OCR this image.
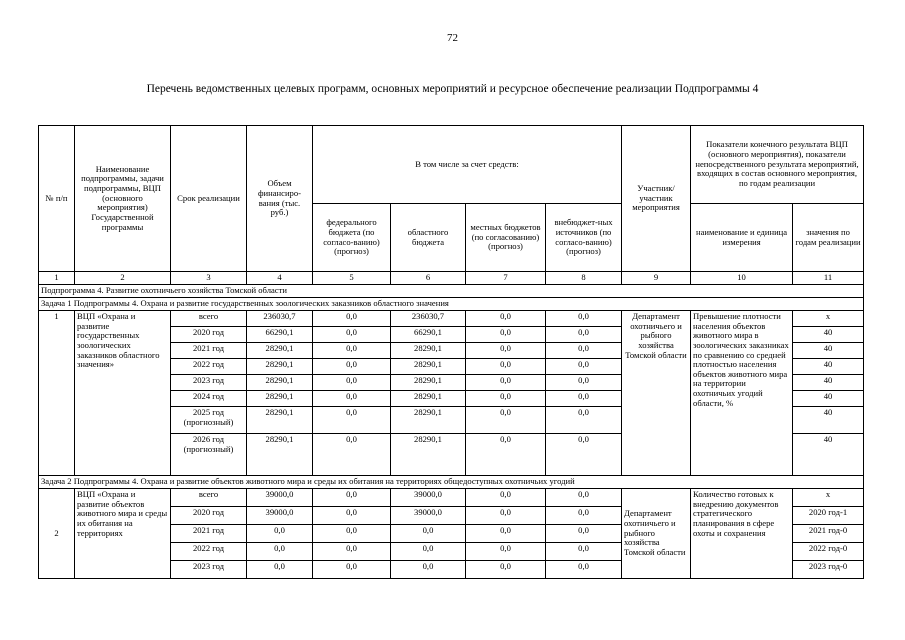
72
Перечень ведомственных целевых программ, основных мероприятий и ресурсное обеспечение реализации Подпрограммы 4
№ п/п	Наименование подпрограммы, задачи подпрограммы, ВЦП (основного мероприятия) Государственной программы	Срок реализации	Объем финансиро-вания (тыс. руб.)	В том числе за счет средств:				Участник/ участник мероприятия	Показатели конечного результата ВЦП (основного мероприятия), показатели непосредственного результата мероприятий, входящих в состав основного мероприятия, по годам реализации	
				федерального бюджета (по согласо-ванию) (прогноз)	областного бюджета	местных бюджетов (по согласованию) (прогноз)	внебюджет-ных источников (по согласо-ванию) (прогноз)		наименование и единица измерения	значения по годам реализации
1	2	3	4	5	6	7	8	9	10	11
Подпрограмма 4. Развитие охотничьего хозяйства Томской области										
Задача 1 Подпрограммы 4. Охрана и развитие государственных зоологических заказников областного значения										
1	ВЦП «Охрана и развитие государственных зоологических заказников областного значения»	всего	236030,7	0,0	236030,7	0,0	0,0	Департамент охотничьего и рыбного хозяйства Томской области	Превышение плотности населения объектов животного мира в зоологических заказниках по сравнению со средней плотностью населения объектов животного мира на территории охотничьих угодий области, %	x
		2020 год	66290,1	0,0	66290,1	0,0	0,0			40
		2021 год	28290,1	0,0	28290,1	0,0	0,0			40
		2022 год	28290,1	0,0	28290,1	0,0	0,0			40
		2023 год	28290,1	0,0	28290,1	0,0	0,0			40
		2024 год	28290,1	0,0	28290,1	0,0	0,0			40
		2025 год (прогнозный)	28290,1	0,0	28290,1	0,0	0,0			40
		2026 год (прогнозный)	28290,1	0,0	28290,1	0,0	0,0			40
Задача 2 Подпрограммы 4. Охрана и развитие объектов животного мира и среды их обитания на территориях общедоступных охотничьих угодий										
2	ВЦП «Охрана и развитие объектов животного мира и среды их обитания на территориях	всего	39000,0	0,0	39000,0	0,0	0,0	Департамент охотничьего и рыбного хозяйства Томской области	Количество готовых к внедрению документов стратегического планирования в сфере охоты и сохранения	x
		2020 год	39000,0	0,0	39000,0	0,0	0,0			2020 год-1
		2021 год	0,0	0,0	0,0	0,0	0,0			2021 год-0
		2022 год	0,0	0,0	0,0	0,0	0,0			2022 год-0
		2023 год	0,0	0,0	0,0	0,0	0,0			2023 год-0
